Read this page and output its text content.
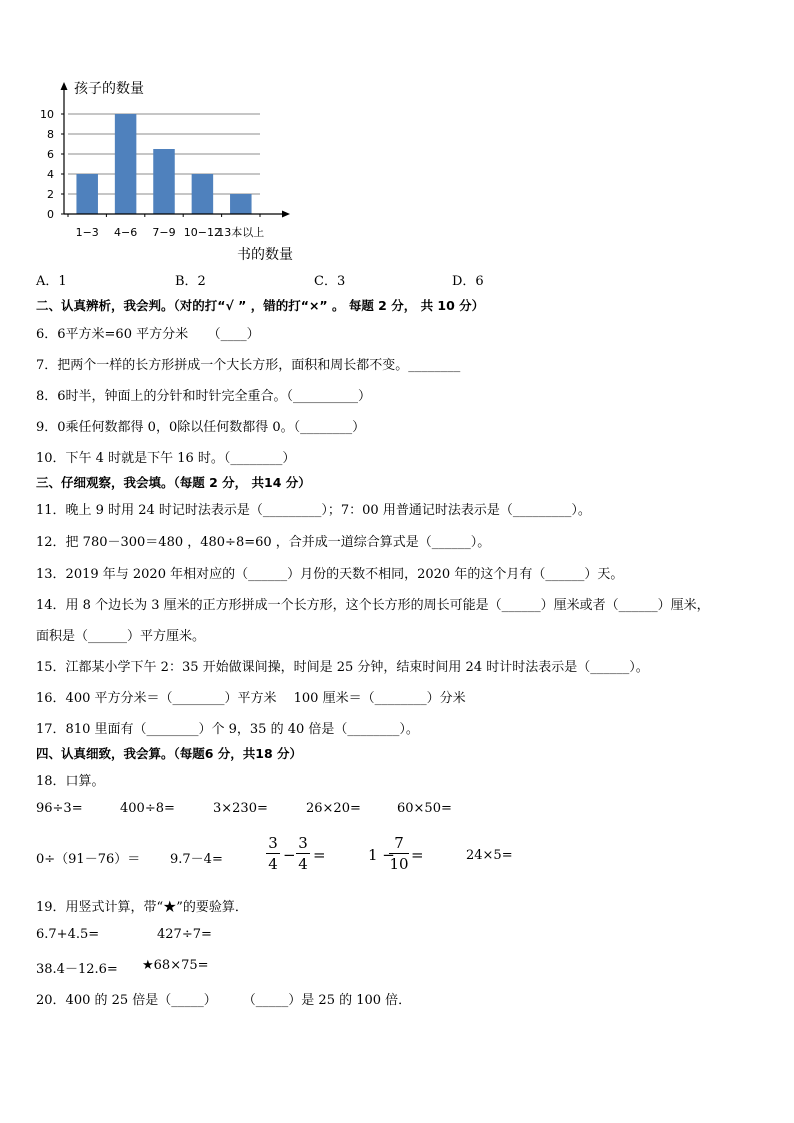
孩子的数量
书的数量
0
2
4
6
8
10
1−3 4−6 7−9 10−12
13本以上
A．1	B．2	C．3	D．6
二、认真辨析，我会判。（对的打“√ ” ，错的打“×” 。 每题 2 分， 共 10 分）
6．6平方米=60 平方分米　　（____）
7．把两个一样的长方形拼成一个大长方形，面积和周长都不变。________
8．6时半，钟面上的分针和时针完全重合。（__________）
9．0乘任何数都得 0，0除以任何数都得 0。（________）
10．下午 4 时就是下午 16 时。（________）
三、仔细观察，我会填。（每题 2 分， 共14 分）
11．晚上 9 时用 24 时记时法表示是（_________）；7：00 用普通记时法表示是（_________）。
12．把 780－300＝480 ，480÷8=60 ，合并成一道综合算式是（______）。
13．2019 年与 2020 年相对应的（______）月份的天数不相同，2020 年的这个月有（______）天。
14．用 8 个边长为 3 厘米的正方形拼成一个长方形，这个长方形的周长可能是（______）厘米或者（______）厘米，
面积是（______）平方厘米。
15．江都某小学下午 2：35 开始做课间操，时间是 25 分钟，结束时间用 24 时计时法表示是（______）。
16．400 平方分米＝（________）平方米　 100 厘米＝（________）分米
17．810 里面有（________）个 9，35 的 40 倍是（________）。
四、认真细致，我会算。（每题6 分，共18 分）
18．口算。
96÷3=	400÷8=	3×230=	26×20=	60×50=
0÷（91－76）＝ 9.7－4=
3
4 −
3
4 =	1 −
7
10 =	24×5=
19．用竖式计算，带“★”的要验算．
6.7+4.5=	427÷7=
38.4－12.6= ★68×75=
20．400 的 25 倍是（_____）　　　（_____）是 25 的 100 倍．
